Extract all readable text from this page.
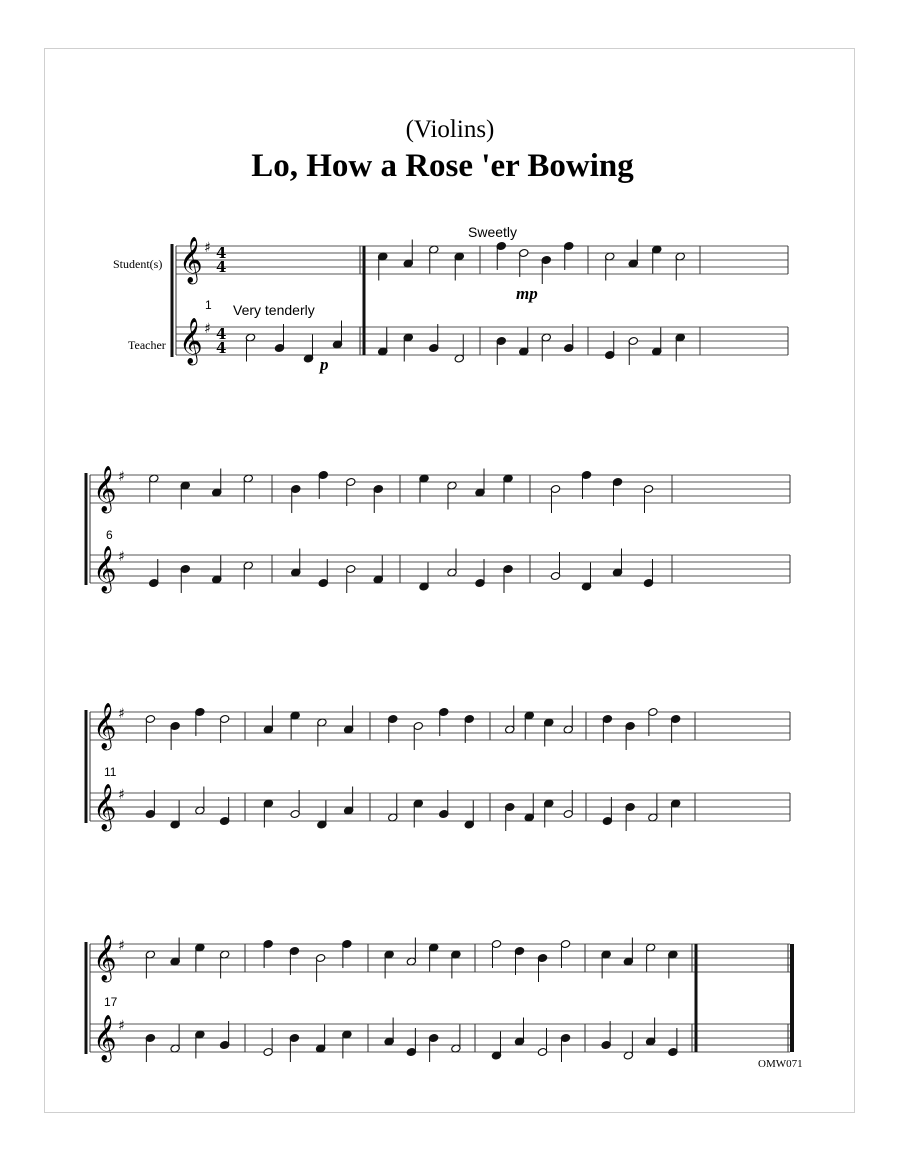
(Violins)
Lo, How a Rose 'er Bowing
Student(s)
Teacher
Sweetly
Very tenderly
p
mp
1
6
11
17
OMW071
𝄞
𝄞
♯
♯
4
4
4
4
𝄞
𝄞
♯
♯
𝄞
𝄞
♯
♯
𝄞
𝄞
♯
♯
